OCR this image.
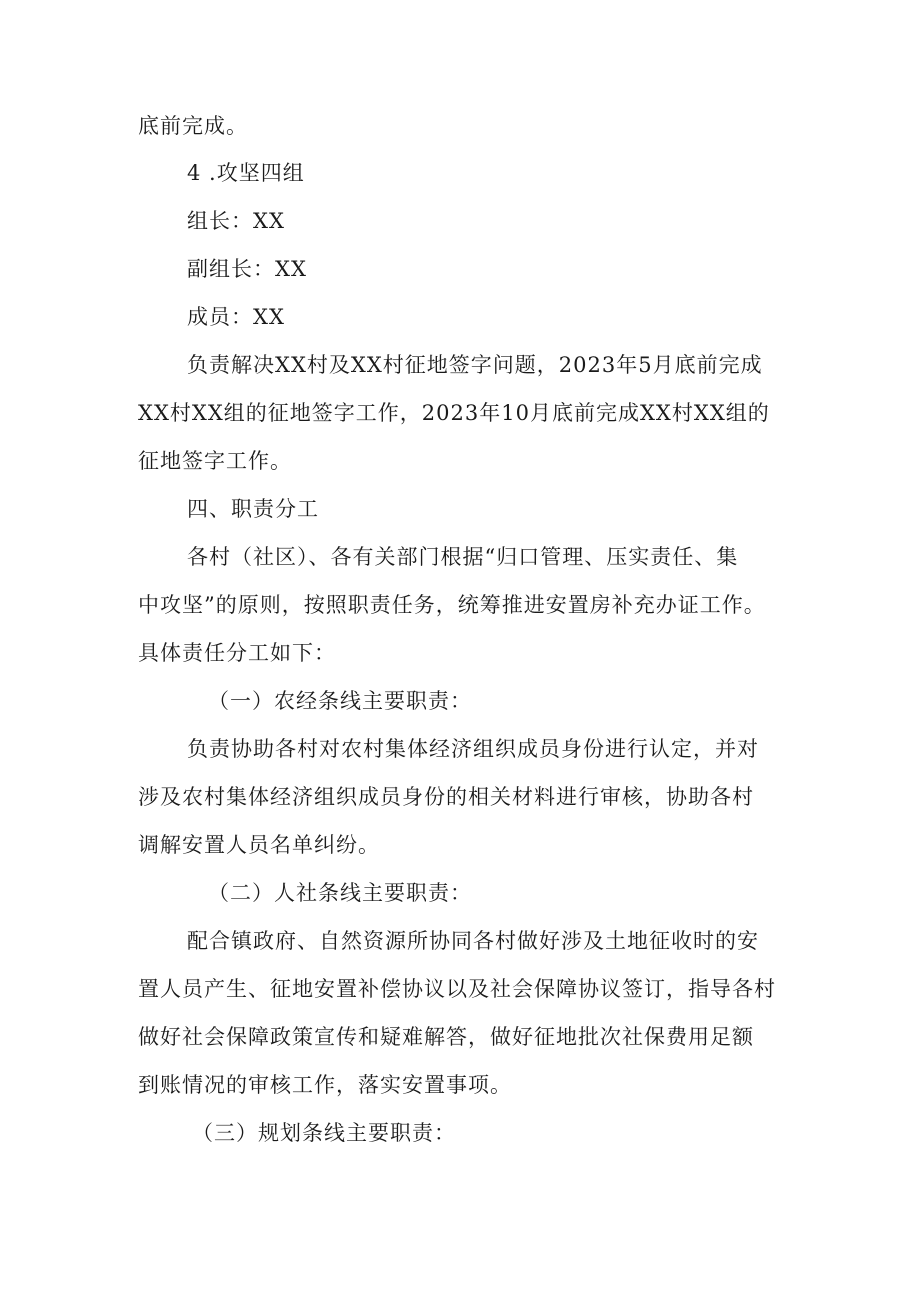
底前完成。
4 .攻坚四组
组长：XX
副组长：XX
成员：XX
负责解决XX村及XX村征地签字问题，2023年5月底前完成
XX村XX组的征地签字工作，2023年10月底前完成XX村XX组的
征地签字工作。
四、职责分工
各村（社区）、各有关部门根据“归口管理、压实责任、集
中攻坚”的原则，按照职责任务，统筹推进安置房补充办证工作。
具体责任分工如下：
（一）农经条线主要职责：
负责协助各村对农村集体经济组织成员身份进行认定，并对
涉及农村集体经济组织成员身份的相关材料进行审核，协助各村
调解安置人员名单纠纷。
（二）人社条线主要职责：
配合镇政府、自然资源所协同各村做好涉及土地征收时的安
置人员产生、征地安置补偿协议以及社会保障协议签订，指导各村
做好社会保障政策宣传和疑难解答，做好征地批次社保费用足额
到账情况的审核工作，落实安置事项。
（三）规划条线主要职责：
